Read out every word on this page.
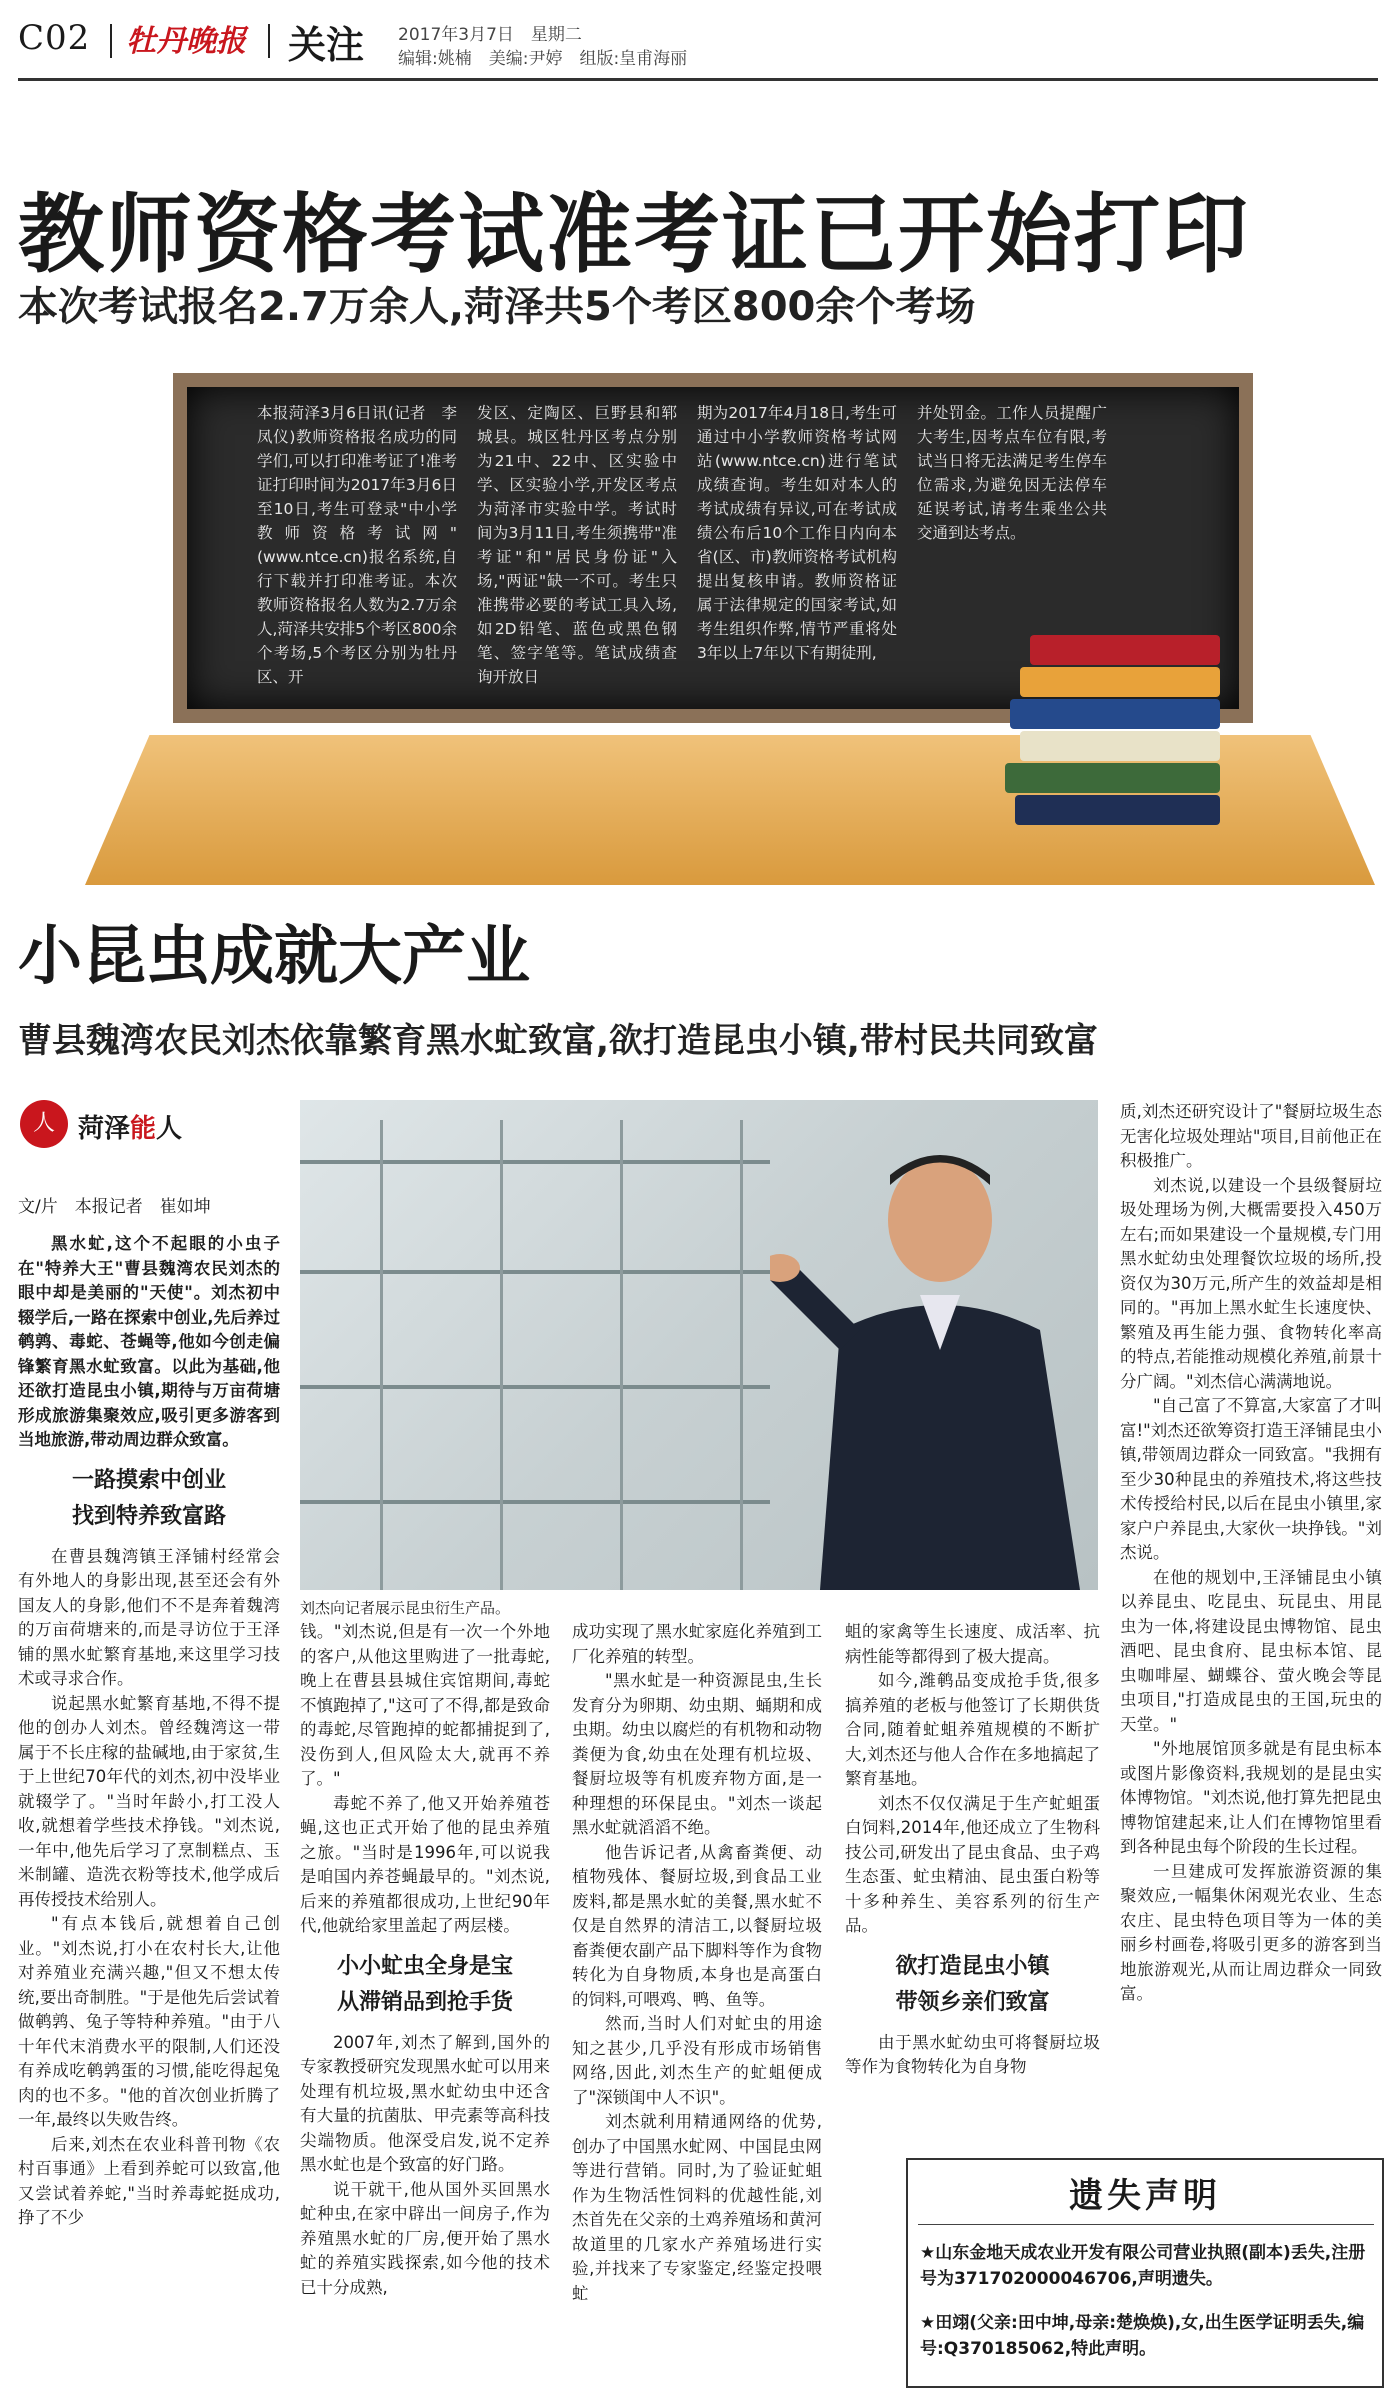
C02 牡丹晚报 关注 2017年3月7日　星期二
编辑:姚楠　美编:尹婷　组版:皇甫海丽
教师资格考试准考证已开始打印
本次考试报名2.7万余人,菏泽共5个考区800余个考场
本报菏泽3月6日讯(记者　李凤仪)教师资格报名成功的同学们,可以打印准考证了!准考证打印时间为2017年3月6日至10日,考生可登录"中小学教师资格考试网"(www.ntce.cn)报名系统,自行下载并打印准考证。本次教师资格报名人数为2.7万余人,菏泽共安排5个考区800余个考场,5个考区分别为牡丹区、开
发区、定陶区、巨野县和郓城县。城区牡丹区考点分别为21中、22中、区实验中学、区实验小学,开发区考点为菏泽市实验中学。考试时间为3月11日,考生须携带"准考证"和"居民身份证"入场,"两证"缺一不可。考生只准携带必要的考试工具入场,如2D铅笔、蓝色或黑色钢笔、签字笔等。笔试成绩查询开放日
期为2017年4月18日,考生可通过中小学教师资格考试网站(www.ntce.cn)进行笔试成绩查询。考生如对本人的考试成绩有异议,可在考试成绩公布后10个工作日内向本省(区、市)教师资格考试机构提出复核申请。教师资格证属于法律规定的国家考试,如考生组织作弊,情节严重将处3年以上7年以下有期徒刑,
并处罚金。工作人员提醒广大考生,因考点车位有限,考试当日将无法满足考生停车位需求,为避免因无法停车延误考试,请考生乘坐公共交通到达考点。
小昆虫成就大产业
曹县魏湾农民刘杰依靠繁育黑水虻致富,欲打造昆虫小镇,带村民共同致富
人 菏泽能人
文/片　本报记者　崔如坤

黑水虻,这个不起眼的小虫子在"特养大王"曹县魏湾农民刘杰的眼中却是美丽的"天使"。刘杰初中辍学后,一路在探索中创业,先后养过鹌鹑、毒蛇、苍蝇等,他如今创走偏锋繁育黑水虻致富。以此为基础,他还欲打造昆虫小镇,期待与万亩荷塘形成旅游集聚效应,吸引更多游客到当地旅游,带动周边群众致富。

一路摸索中创业
找到特养致富路

在曹县魏湾镇王泽铺村经常会有外地人的身影出现,甚至还会有外国友人的身影,他们不不是奔着魏湾的万亩荷塘来的,而是寻访位于王泽铺的黑水虻繁育基地,来这里学习技术或寻求合作。

说起黑水虻繁育基地,不得不提他的创办人刘杰。曾经魏湾这一带属于不长庄稼的盐碱地,由于家贫,生于上世纪70年代的刘杰,初中没毕业就辍学了。"当时年龄小,打工没人收,就想着学些技术挣钱。"刘杰说,一年中,他先后学习了烹制糕点、玉米制罐、造洗衣粉等技术,他学成后再传授技术给别人。

"有点本钱后,就想着自己创业。"刘杰说,打小在农村长大,让他对养殖业充满兴趣,"但又不想太传统,要出奇制胜。"于是他先后尝试着做鹌鹑、兔子等特种养殖。"由于八十年代末消费水平的限制,人们还没有养成吃鹌鹑蛋的习惯,能吃得起兔肉的也不多。"他的首次创业折腾了一年,最终以失败告终。

后来,刘杰在农业科普刊物《农村百事通》上看到养蛇可以致富,他又尝试着养蛇,"当时养毒蛇挺成功,挣了不少

刘杰向记者展示昆虫衍生产品。

钱。"刘杰说,但是有一次一个外地的客户,从他这里购进了一批毒蛇,晚上在曹县县城住宾馆期间,毒蛇不慎跑掉了,"这可了不得,都是致命的毒蛇,尽管跑掉的蛇都捕捉到了,没伤到人,但风险太大,就再不养了。"

毒蛇不养了,他又开始养殖苍蝇,这也正式开始了他的昆虫养殖之旅。"当时是1996年,可以说我是咱国内养苍蝇最早的。"刘杰说,后来的养殖都很成功,上世纪90年代,他就给家里盖起了两层楼。

小小虻虫全身是宝
从滞销品到抢手货

2007年,刘杰了解到,国外的专家教授研究发现黑水虻可以用来处理有机垃圾,黑水虻幼虫中还含有大量的抗菌肽、甲壳素等高科技尖端物质。他深受启发,说不定养黑水虻也是个致富的好门路。

说干就干,他从国外买回黑水虻种虫,在家中辟出一间房子,作为养殖黑水虻的厂房,便开始了黑水虻的养殖实践探索,如今他的技术已十分成熟,

成功实现了黑水虻家庭化养殖到工厂化养殖的转型。

"黑水虻是一种资源昆虫,生长发育分为卵期、幼虫期、蛹期和成虫期。幼虫以腐烂的有机物和动物粪便为食,幼虫在处理有机垃圾、餐厨垃圾等有机废弃物方面,是一种理想的环保昆虫。"刘杰一谈起黑水虻就滔滔不绝。

他告诉记者,从禽畜粪便、动植物残体、餐厨垃圾,到食品工业废料,都是黑水虻的美餐,黑水虻不仅是自然界的清洁工,以餐厨垃圾畜粪便农副产品下脚料等作为食物转化为自身物质,本身也是高蛋白的饲料,可喂鸡、鸭、鱼等。

然而,当时人们对虻虫的用途知之甚少,几乎没有形成市场销售网络,因此,刘杰生产的虻蛆便成了"深锁闺中人不识"。

刘杰就利用精通网络的优势,创办了中国黑水虻网、中国昆虫网等进行营销。同时,为了验证虻蛆作为生物活性饲料的优越性能,刘杰首先在父亲的土鸡养殖场和黄河故道里的几家水产养殖场进行实验,并找来了专家鉴定,经鉴定投喂虻

蛆的家禽等生长速度、成活率、抗病性能等都得到了极大提高。

如今,潍鹌品变成抢手货,很多搞养殖的老板与他签订了长期供货合同,随着虻蛆养殖规模的不断扩大,刘杰还与他人合作在多地搞起了繁育基地。

刘杰不仅仅满足于生产虻蛆蛋白饲料,2014年,他还成立了生物科技公司,研发出了昆虫食品、虫子鸡生态蛋、虻虫精油、昆虫蛋白粉等十多种养生、美容系列的衍生产品。

欲打造昆虫小镇
带领乡亲们致富

由于黑水虻幼虫可将餐厨垃圾等作为食物转化为自身物

质,刘杰还研究设计了"餐厨垃圾生态无害化垃圾处理站"项目,目前他正在积极推广。

刘杰说,以建设一个县级餐厨垃圾处理场为例,大概需要投入450万左右;而如果建设一个量规模,专门用黑水虻幼虫处理餐饮垃圾的场所,投资仅为30万元,所产生的效益却是相同的。"再加上黑水虻生长速度快、繁殖及再生能力强、食物转化率高的特点,若能推动规模化养殖,前景十分广阔。"刘杰信心满满地说。

"自己富了不算富,大家富了才叫富!"刘杰还欲筹资打造王泽铺昆虫小镇,带领周边群众一同致富。"我拥有至少30种昆虫的养殖技术,将这些技术传授给村民,以后在昆虫小镇里,家家户户养昆虫,大家伙一块挣钱。"刘杰说。

在他的规划中,王泽铺昆虫小镇以养昆虫、吃昆虫、玩昆虫、用昆虫为一体,将建设昆虫博物馆、昆虫酒吧、昆虫食府、昆虫标本馆、昆虫咖啡屋、蝴蝶谷、萤火晚会等昆虫项目,"打造成昆虫的王国,玩虫的天堂。"

"外地展馆顶多就是有昆虫标本或图片影像资料,我规划的是昆虫实体博物馆。"刘杰说,他打算先把昆虫博物馆建起来,让人们在博物馆里看到各种昆虫每个阶段的生长过程。

一旦建成可发挥旅游资源的集聚效应,一幅集休闲观光农业、生态农庄、昆虫特色项目等为一体的美丽乡村画卷,将吸引更多的游客到当地旅游观光,从而让周边群众一同致富。

遗失声明
★山东金地天成农业开发有限公司营业执照(副本)丢失,注册号为371702000046706,声明遗失。
★田翊(父亲:田中坤,母亲:楚焕焕),女,出生医学证明丢失,编号:Q370185062,特此声明。
